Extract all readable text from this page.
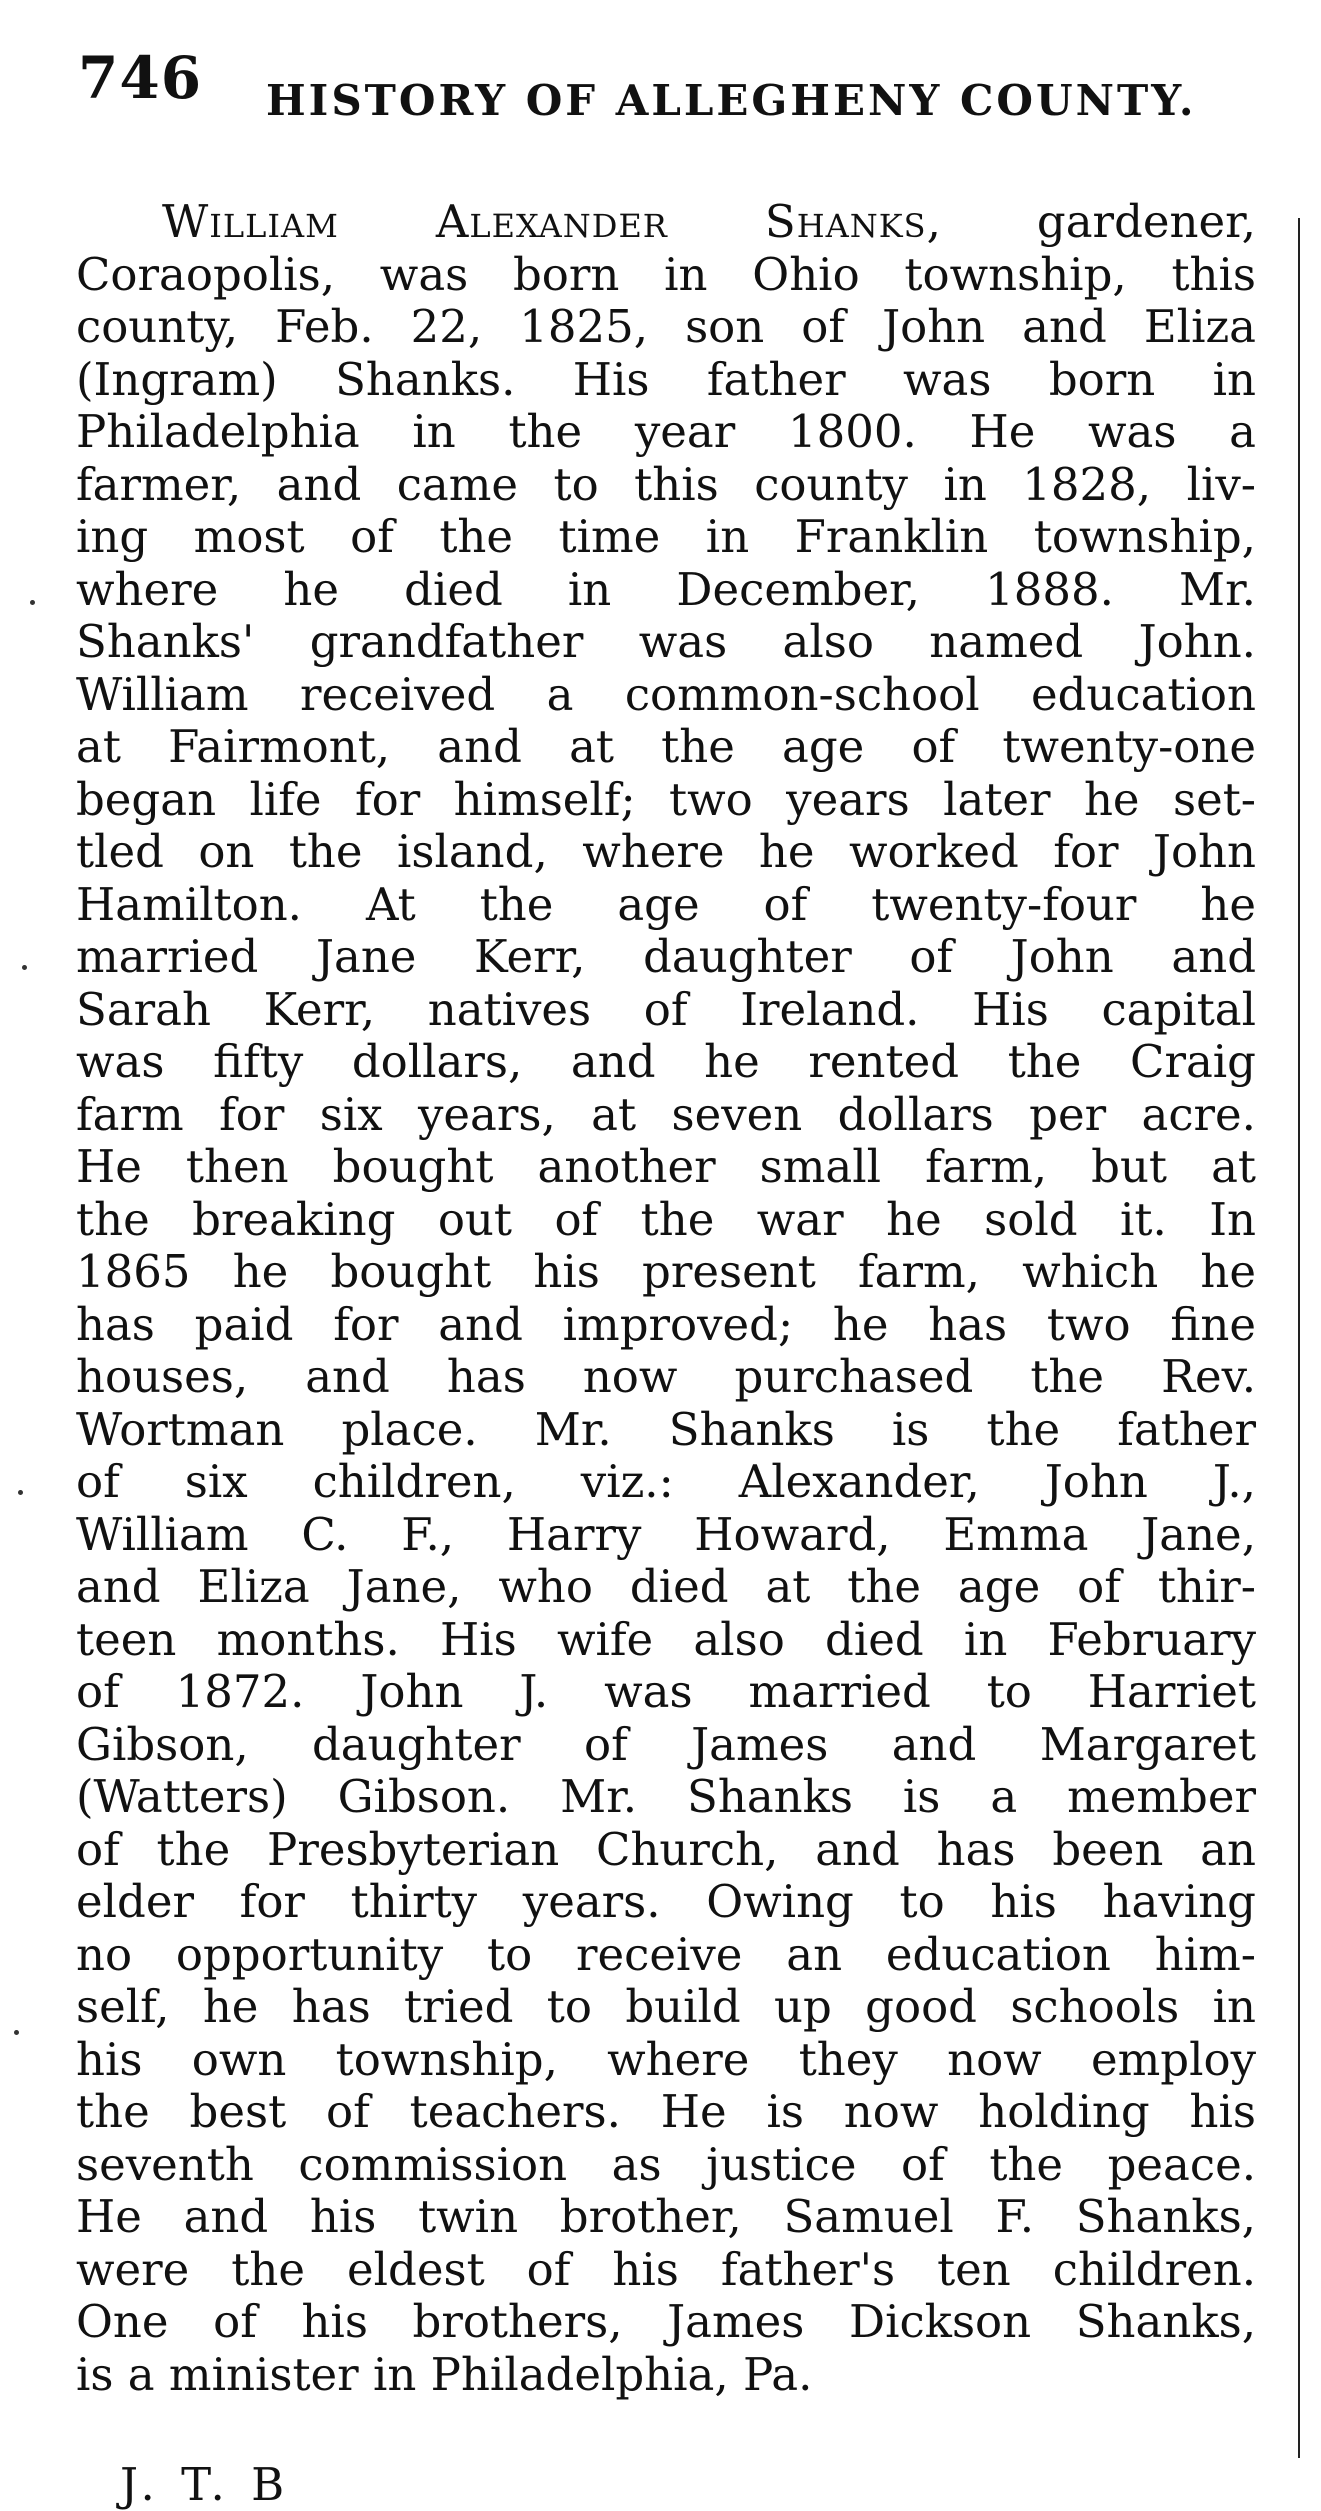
746 HISTORY OF ALLEGHENY COUNTY.
William Alexander Shanks, gardener,
Coraopolis, was born in Ohio township, this
county, Feb. 22, 1825, son of John and Eliza
(Ingram) Shanks. His father was born in
Philadelphia in the year 1800. He was a
farmer, and came to this county in 1828, liv-
ing most of the time in Franklin township,
where he died in December, 1888. Mr.
Shanks' grandfather was also named John.
William received a common-school education
at Fairmont, and at the age of twenty-one
began life for himself; two years later he set-
tled on the island, where he worked for John
Hamilton. At the age of twenty-four he
married Jane Kerr, daughter of John and
Sarah Kerr, natives of Ireland. His capital
was fifty dollars, and he rented the Craig
farm for six years, at seven dollars per acre.
He then bought another small farm, but at
the breaking out of the war he sold it. In
1865 he bought his present farm, which he
has paid for and improved; he has two fine
houses, and has now purchased the Rev.
Wortman place. Mr. Shanks is the father
of six children, viz.: Alexander, John J.,
William C. F., Harry Howard, Emma Jane,
and Eliza Jane, who died at the age of thir-
teen months. His wife also died in February
of 1872. John J. was married to Harriet
Gibson, daughter of James and Margaret
(Watters) Gibson. Mr. Shanks is a member
of the Presbyterian Church, and has been an
elder for thirty years. Owing to his having
no opportunity to receive an education him-
self, he has tried to build up good schools in
his own township, where they now employ
the best of teachers. He is now holding his
seventh commission as justice of the peace.
He and his twin brother, Samuel F. Shanks,
were the eldest of his father's ten children.
One of his brothers, James Dickson Shanks,
is a minister in Philadelphia, Pa.
J. T. B
